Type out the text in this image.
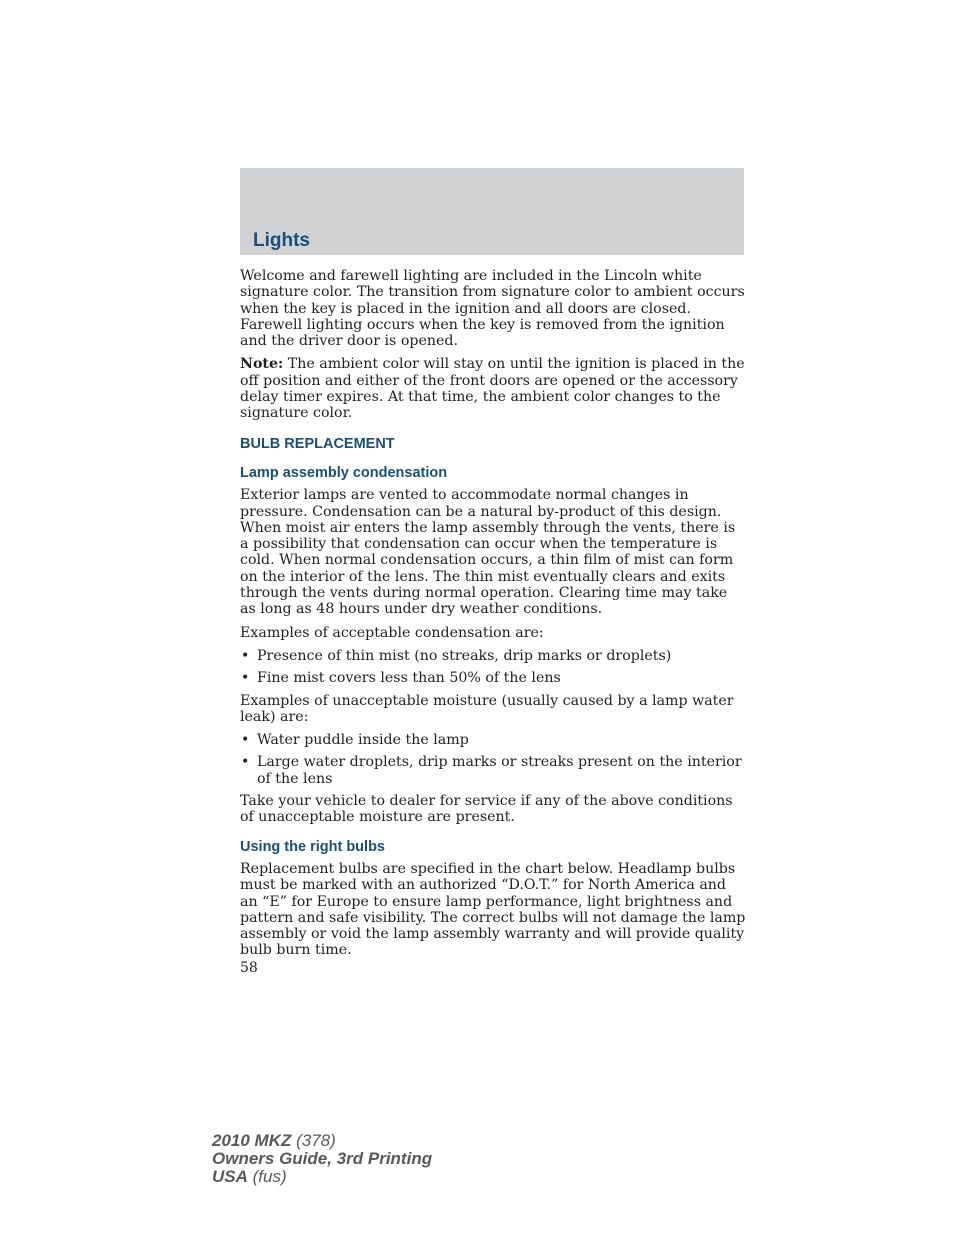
Lights

Welcome and farewell lighting are included in the Lincoln white signature color. The transition from signature color to ambient occurs when the key is placed in the ignition and all doors are closed. Farewell lighting occurs when the key is removed from the ignition and the driver door is opened.

Note: The ambient color will stay on until the ignition is placed in the off position and either of the front doors are opened or the accessory delay timer expires. At that time, the ambient color changes to the signature color.

BULB REPLACEMENT
Lamp assembly condensation

Exterior lamps are vented to accommodate normal changes in pressure. Condensation can be a natural by-product of this design. When moist air enters the lamp assembly through the vents, there is a possibility that condensation can occur when the temperature is cold. When normal condensation occurs, a thin film of mist can form on the interior of the lens. The thin mist eventually clears and exits through the vents during normal operation. Clearing time may take as long as 48 hours under dry weather conditions.

Examples of acceptable condensation are:

• Presence of thin mist (no streaks, drip marks or droplets)
• Fine mist covers less than 50% of the lens

Examples of unacceptable moisture (usually caused by a lamp water leak) are:

• Water puddle inside the lamp
• Large water droplets, drip marks or streaks present on the interior of the lens

Take your vehicle to dealer for service if any of the above conditions of unacceptable moisture are present.

Using the right bulbs

Replacement bulbs are specified in the chart below. Headlamp bulbs must be marked with an authorized “D.O.T.” for North America and an “E” for Europe to ensure lamp performance, light brightness and pattern and safe visibility. The correct bulbs will not damage the lamp assembly or void the lamp assembly warranty and will provide quality bulb burn time.

58
2010 MKZ (378)
Owners Guide, 3rd Printing
USA (fus)
